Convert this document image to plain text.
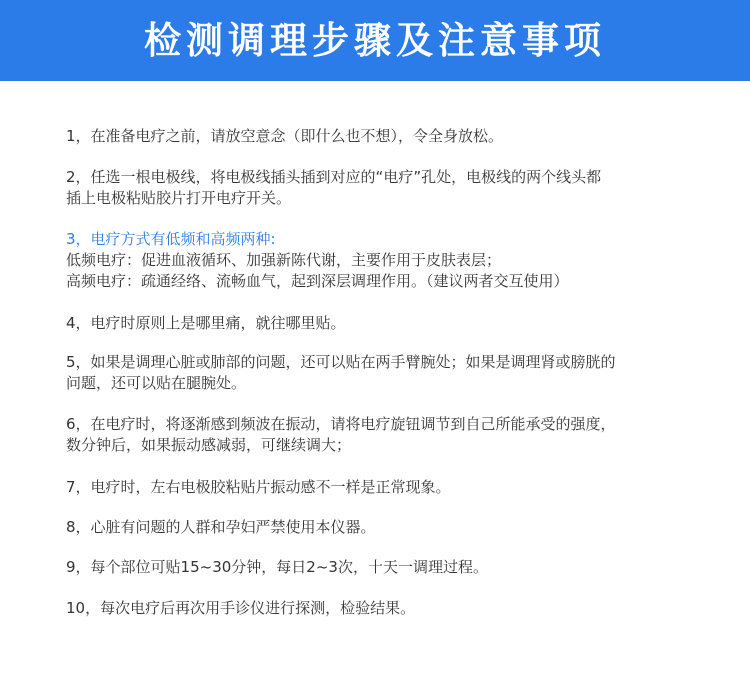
检测调理步骤及注意事项
1，在准备电疗之前，请放空意念（即什么也不想），令全身放松。
2，任选一根电极线，将电极线插头插到对应的“电疗”孔处，电极线的两个线头都
插上电极粘贴胶片打开电疗开关。
3，电疗方式有低频和高频两种:
低频电疗：促进血液循环、加强新陈代谢，主要作用于皮肤表层；
高频电疗：疏通经络、流畅血气，起到深层调理作用。（建议两者交互使用）
4，电疗时原则上是哪里痛，就往哪里贴。
5，如果是调理心脏或肺部的问题，还可以贴在两手臂腕处；如果是调理肾或膀胱的
问题，还可以贴在腿腕处。
6，在电疗时，将逐渐感到频波在振动，请将电疗旋钮调节到自己所能承受的强度，
数分钟后，如果振动感减弱，可继续调大；
7，电疗时，左右电极胶粘贴片振动感不一样是正常现象。
8，心脏有问题的人群和孕妇严禁使用本仪器。
9，每个部位可贴15~30分钟，每日2~3次，十天一调理过程。
10，每次电疗后再次用手诊仪进行探测，检验结果。
